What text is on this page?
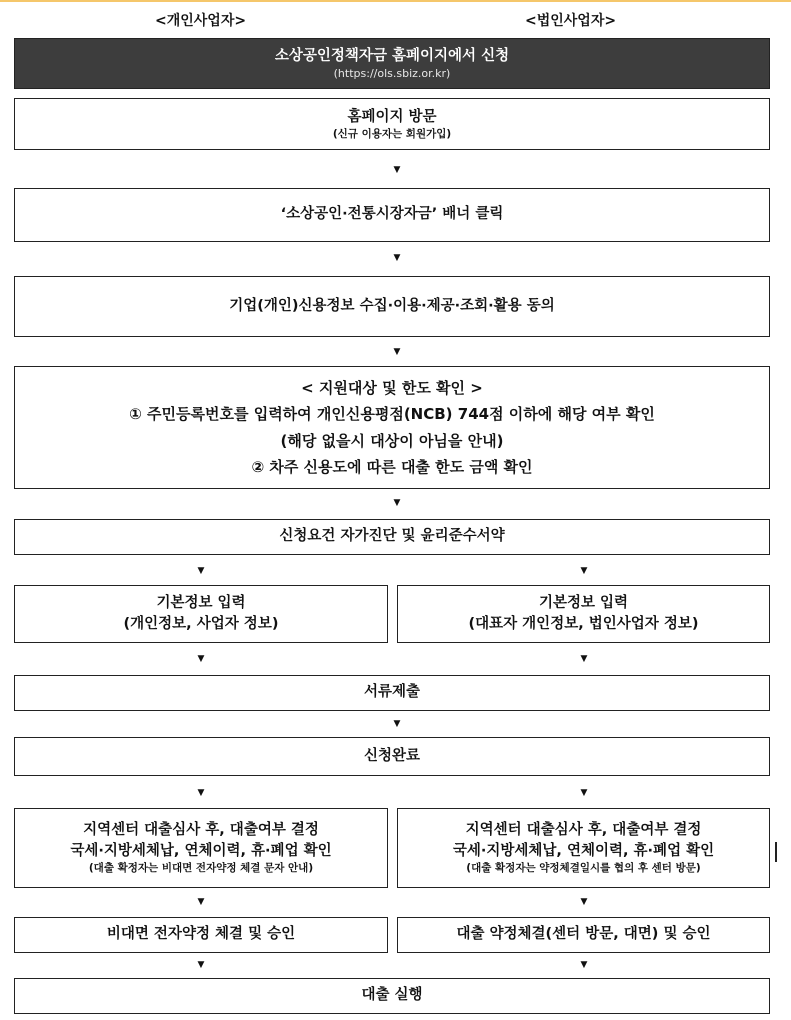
<개인사업자>	<법인사업자>
소상공인정책자금 홈페이지에서 신청
(https://ols.sbiz.or.kr)
홈페이지 방문
(신규 이용자는 회원가입)
▼
‘소상공인·전통시장자금’ 배너 클릭
▼
기업(개인)신용정보 수집·이용·제공·조회·활용 동의
▼
< 지원대상 및 한도 확인 >
① 주민등록번호를 입력하여 개인신용평점(NCB) 744점 이하에 해당 여부 확인
(해당 없을시 대상이 아님을 안내)
② 차주 신용도에 따른 대출 한도 금액 확인
▼
신청요건 자가진단 및 윤리준수서약
▼	▼
기본정보 입력
(개인정보, 사업자 정보)
기본정보 입력
(대표자 개인정보, 법인사업자 정보)
▼	▼
서류제출
▼
신청완료
▼	▼
지역센터 대출심사 후, 대출여부 결정
국세·지방세체납, 연체이력, 휴·폐업 확인
(대출 확정자는 비대면 전자약정 체결 문자 안내)
지역센터 대출심사 후, 대출여부 결정
국세·지방세체납, 연체이력, 휴·폐업 확인
(대출 확정자는 약정체결일시를 협의 후 센터 방문)
▼	▼
비대면 전자약정 체결 및 승인	대출 약정체결(센터 방문, 대면) 및 승인
▼	▼
대출 실행
